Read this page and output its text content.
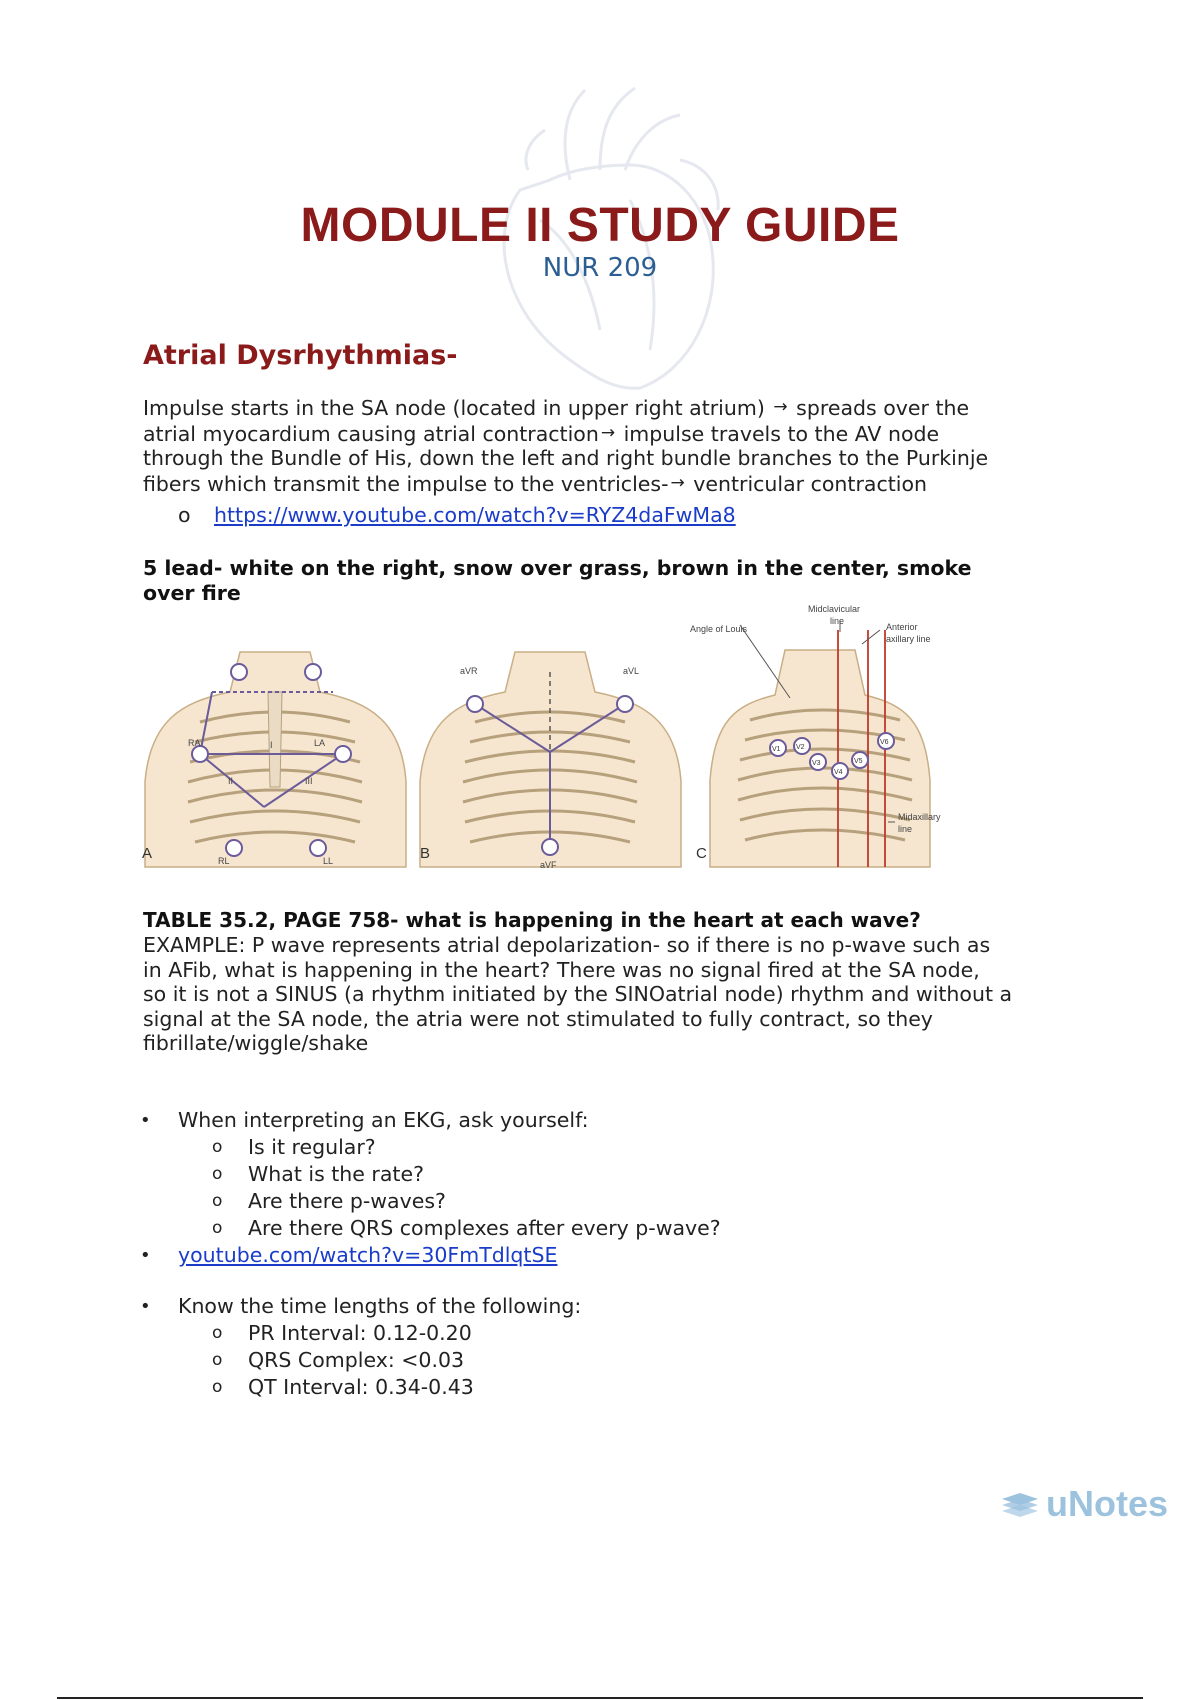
MODULE II STUDY GUIDE
NUR 209
Atrial Dysrhythmias-
Impulse starts in the SA node (located in upper right atrium) → spreads over the
atrial myocardium causing atrial contraction → impulse travels to the AV node
through the Bundle of His, down the left and right bundle branches to the Purkinje
fibers which transmit the impulse to the ventricles- → ventricular contraction
o https://www.youtube.com/watch?v=RYZ4daFwMa8
5 lead- white on the right, snow over grass, brown in the center, smoke
over fire
LA
RA	I
II	III
LL
RL
A
aVR	aVL
aVF
B
V1 V2
V3
V4
V5
V6
Angle of Louis
Midclavicular
line
Anterior
axillary line
Midaxillary
line
C
TABLE 35.2, PAGE 758- what is happening in the heart at each wave?
EXAMPLE: P wave represents atrial depolarization- so if there is no p-wave such as
in AFib, what is happening in the heart? There was no signal fired at the SA node,
so it is not a SINUS (a rhythm initiated by the SINOatrial node) rhythm and without a
signal at the SA node, the atria were not stimulated to fully contract, so they
fibrillate/wiggle/shake
• When interpreting an EKG, ask yourself:
o Is it regular?
o What is the rate?
o Are there p-waves?
o Are there QRS complexes after every p-wave?
• youtube.com/watch?v=30FmTdlqtSE
• Know the time lengths of the following:
o PR Interval: 0.12-0.20
o QRS Complex: <0.03
o QT Interval: 0.34-0.43
uNotes
